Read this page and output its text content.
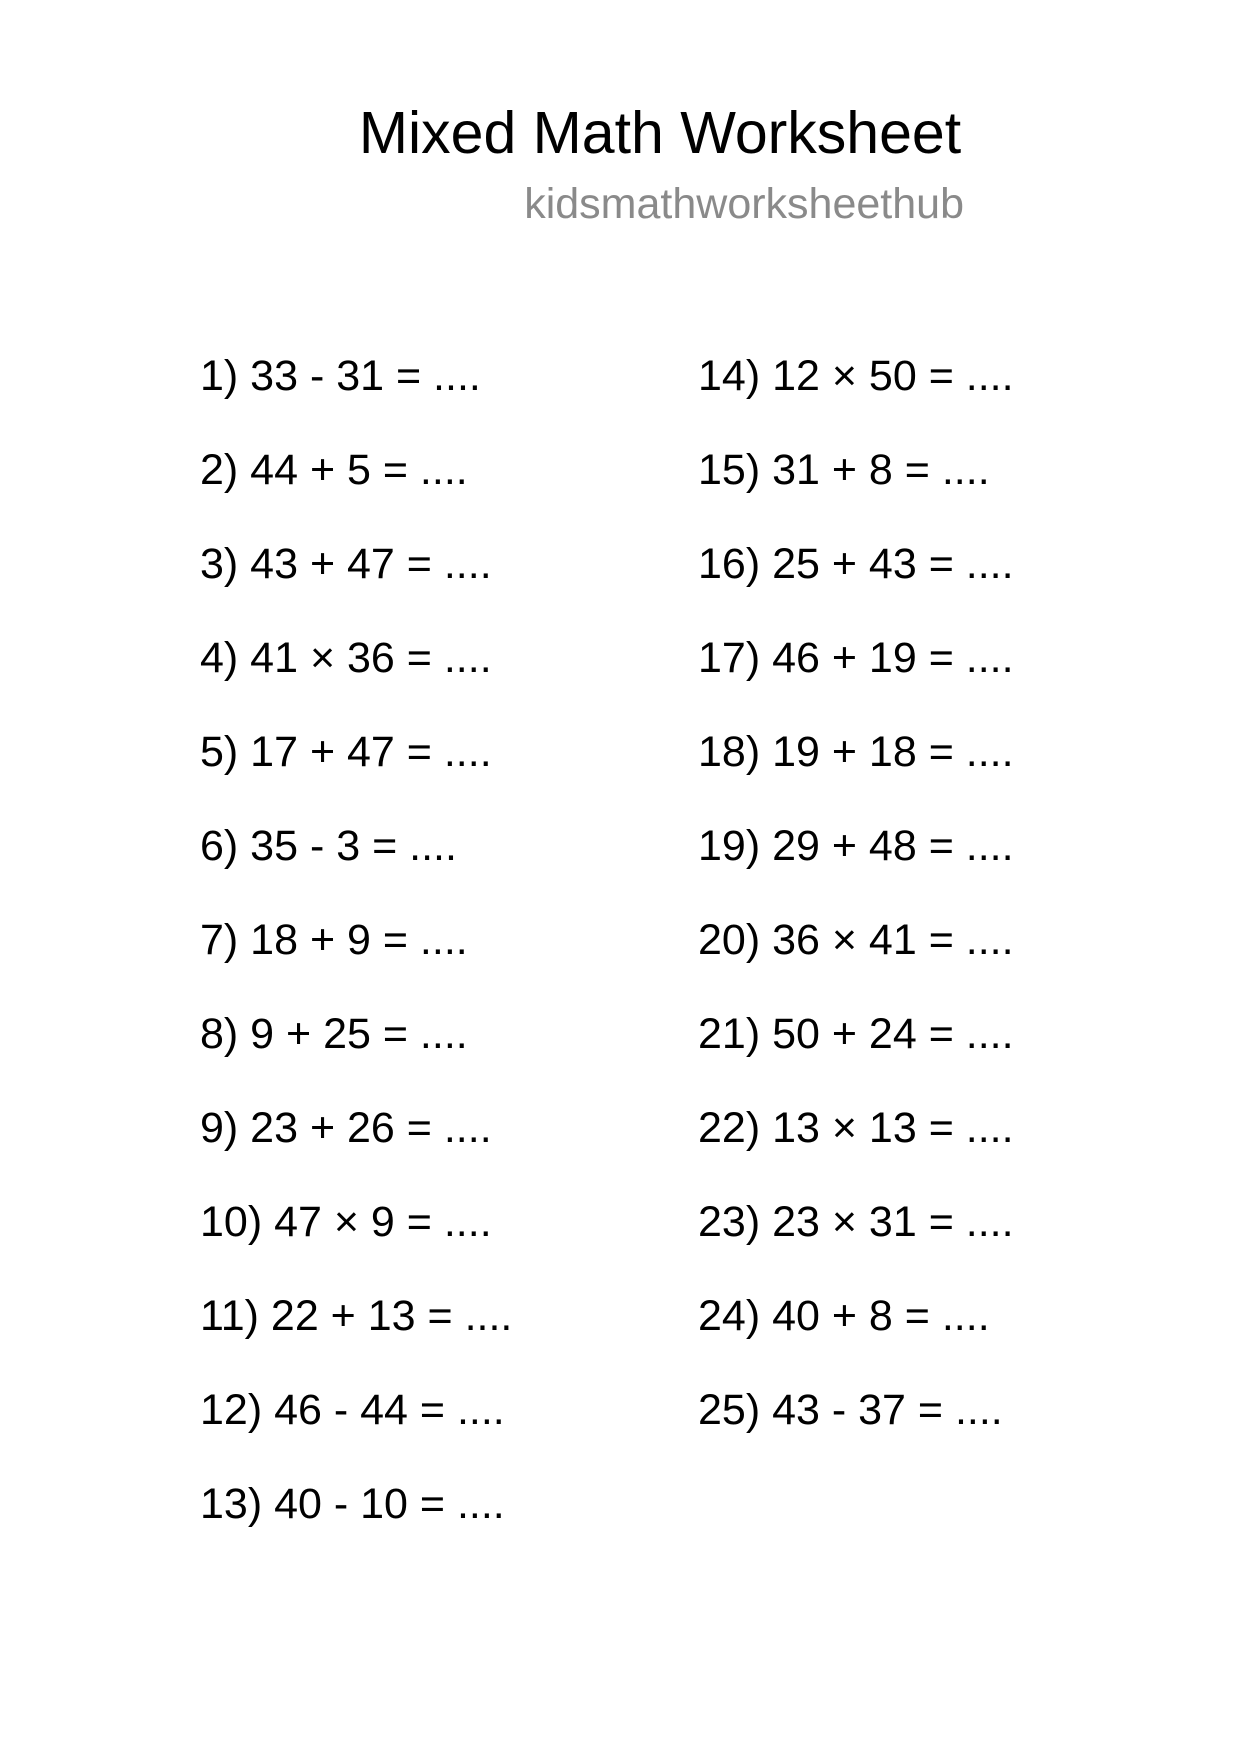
Mixed Math Worksheet
kidsmathworksheethub
1) 33 - 31 = ....
2) 44 + 5 = ....
3) 43 + 47 = ....
4) 41 × 36 = ....
5) 17 + 47 = ....
6) 35 - 3 = ....
7) 18 + 9 = ....
8) 9 + 25 = ....
9) 23 + 26 = ....
10) 47 × 9 = ....
11) 22 + 13 = ....
12) 46 - 44 = ....
13) 40 - 10 = ....
14) 12 × 50 = ....
15) 31 + 8 = ....
16) 25 + 43 = ....
17) 46 + 19 = ....
18) 19 + 18 = ....
19) 29 + 48 = ....
20) 36 × 41 = ....
21) 50 + 24 = ....
22) 13 × 13 = ....
23) 23 × 31 = ....
24) 40 + 8 = ....
25) 43 - 37 = ....
